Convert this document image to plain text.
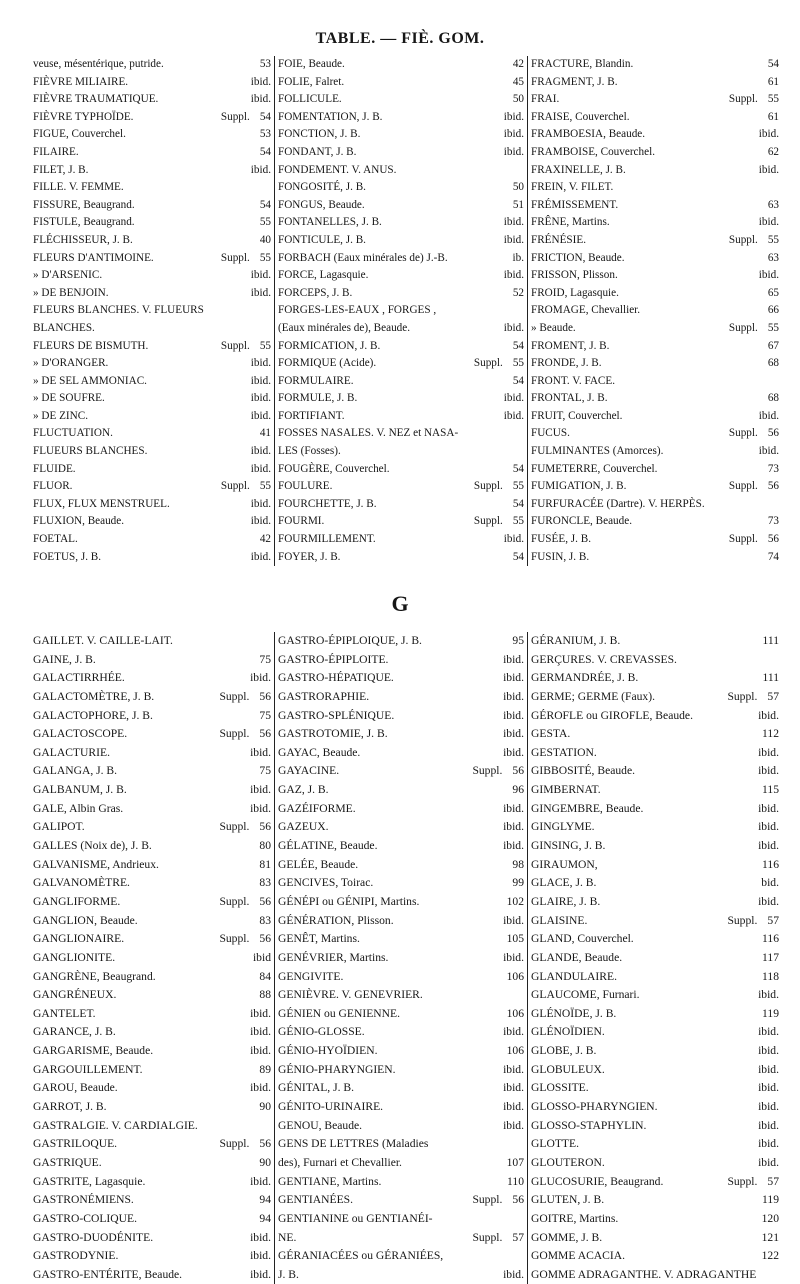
TABLE. — FIÈ. GOM.
veuse, mésentérique, putride.	53
FIÈVRE MILIAIRE.	ibid.
FIÈVRE TRAUMATIQUE.	ibid.
FIÈVRE TYPHOÏDE.	Suppl. 54
FIGUE, Couverchel.	53
FILAIRE.	54
FILET, J. B.	ibid.
FILLE. V. FEMME.
FISSURE, Beaugrand.	54
FISTULE, Beaugrand.	55
FLÉCHISSEUR, J. B.	40
FLEURS D'ANTIMOINE.	Suppl. 55
» D'ARSENIC.	ibid.
» DE BENJOIN.	ibid.
FLEURS BLANCHES. V. FLUEURS
BLANCHES.
FLEURS DE BISMUTH.	Suppl. 55
» D'ORANGER.	ibid.
» DE SEL AMMONIAC.	ibid.
» DE SOUFRE.	ibid.
» DE ZINC.	ibid.
FLUCTUATION.	41
FLUEURS BLANCHES.	ibid.
FLUIDE.	ibid.
FLUOR.	Suppl. 55
FLUX, FLUX MENSTRUEL.	ibid.
FLUXION, Beaude.	ibid.
FOETAL.	42
FOETUS, J. B.	ibid.
FOIE, Beaude.	42
FOLIE, Falret.	45
FOLLICULE.	50
FOMENTATION, J. B.	ibid.
FONCTION, J. B.	ibid.
FONDANT, J. B.	ibid.
FONDEMENT. V. ANUS.
FONGOSITÉ, J. B.	50
FONGUS, Beaude.	51
FONTANELLES, J. B.	ibid.
FONTICULE, J. B.	ibid.
FORBACH (Eaux minérales de) J.-B.	ib.
FORCE, Lagasquie.	ibid.
FORCEPS, J. B.	52
FORGES-LES-EAUX , FORGES ,
(Eaux minérales de), Beaude.	ibid.
FORMICATION, J. B.	54
FORMIQUE (Acide).	Suppl. 55
FORMULAIRE.	54
FORMULE, J. B.	ibid.
FORTIFIANT.	ibid.
FOSSES NASALES. V. NEZ et NASA-
LES (Fosses).
FOUGÈRE, Couverchel.	54
FOULURE.	Suppl. 55
FOURCHETTE, J. B.	54
FOURMI.	Suppl. 55
FOURMILLEMENT.	ibid.
FOYER, J. B.	54
FRACTURE, Blandin.	54
FRAGMENT, J. B.	61
FRAI.	Suppl. 55
FRAISE, Couverchel.	61
FRAMBOESIA, Beaude.	ibid.
FRAMBOISE, Couverchel.	62
FRAXINELLE, J. B.	ibid.
FREIN, V. FILET.
FRÉMISSEMENT.	63
FRÊNE, Martins.	ibid.
FRÉNÉSIE.	Suppl. 55
FRICTION, Beaude.	63
FRISSON, Plisson.	ibid.
FROID, Lagasquie.	65
FROMAGE, Chevallier.	66
» Beaude.	Suppl. 55
FROMENT, J. B.	67
FRONDE, J. B.	68
FRONT. V. FACE.
FRONTAL, J. B.	68
FRUIT, Couverchel.	ibid.
FUCUS.	Suppl. 56
FULMINANTES (Amorces).	ibid.
FUMETERRE, Couverchel.	73
FUMIGATION, J. B.	Suppl. 56
FURFURACÉE (Dartre). V. HERPÈS.
FURONCLE, Beaude.	73
FUSÉE, J. B.	Suppl. 56
FUSIN, J. B.	74
G
GAILLET. V. CAILLE-LAIT.
GAINE, J. B.	75
GALACTIRRHÉE.	ibid.
GALACTOMÈTRE, J. B.	Suppl. 56
GALACTOPHORE, J. B.	75
GALACTOSCOPE.	Suppl. 56
GALACTURIE.	ibid.
GALANGA, J. B.	75
GALBANUM, J. B.	ibid.
GALE, Albin Gras.	ibid.
GALIPOT.	Suppl. 56
GALLES (Noix de), J. B.	80
GALVANISME, Andrieux.	81
GALVANOMÈTRE.	83
GANGLIFORME.	Suppl. 56
GANGLION, Beaude.	83
GANGLIONAIRE.	Suppl. 56
GANGLIONITE.	ibid
GANGRÈNE, Beaugrand.	84
GANGRÉNEUX.	88
GANTELET.	ibid.
GARANCE, J. B.	ibid.
GARGARISME, Beaude.	ibid.
GARGOUILLEMENT.	89
GAROU, Beaude.	ibid.
GARROT, J. B.	90
GASTRALGIE. V. CARDIALGIE.
GASTRILOQUE.	Suppl. 56
GASTRIQUE.	90
GASTRITE, Lagasquie.	ibid.
GASTRONÉMIENS.	94
GASTRO-COLIQUE.	94
GASTRO-DUODÉNITE.	ibid.
GASTRODYNIE.	ibid.
GASTRO-ENTÉRITE, Beaude.	ibid.
GASTRO-ÉPIPLOIQUE, J. B.	95
GASTRO-ÉPIPLOITE.	ibid.
GASTRO-HÉPATIQUE.	ibid.
GASTRORAPHIE.	ibid.
GASTRO-SPLÉNIQUE.	ibid.
GASTROTOMIE, J. B.	ibid.
GAYAC, Beaude.	ibid.
GAYACINE.	Suppl. 56
GAZ, J. B.	96
GAZÉIFORME.	ibid.
GAZEUX.	ibid.
GÉLATINE, Beaude.	ibid.
GELÉE, Beaude.	98
GENCIVES, Toirac.	99
GÉNÉPI ou GÉNIPI, Martins.	102
GÉNÉRATION, Plisson.	ibid.
GENÊT, Martins.	105
GENÉVRIER, Martins.	ibid.
GENGIVITE.	106
GENIÈVRE. V. GENEVRIER.
GÉNIEN ou GENIENNE.	106
GÉNIO-GLOSSE.	ibid.
GÉNIO-HYOÏDIEN.	106
GÉNIO-PHARYNGIEN.	ibid.
GÉNITAL, J. B.	ibid.
GÉNITO-URINAIRE.	ibid.
GENOU, Beaude.	ibid.
GENS DE LETTRES (Maladies
des), Furnari et Chevallier.	107
GENTIANE, Martins.	110
GENTIANÉES.	Suppl. 56
GENTIANINE ou GENTIANÉI-
NE.	Suppl. 57
GÉRANIACÉES ou GÉRANIÉES,
J. B.	ibid.
GÉRANIUM, J. B.	111
GERÇURES. V. CREVASSES.
GERMANDRÉE, J. B.	111
GERME; GERME (Faux).	Suppl. 57
GÉROFLE ou GIROFLE, Beaude.	ibid.
GESTA.	112
GESTATION.	ibid.
GIBBOSITÉ, Beaude.	ibid.
GIMBERNAT.	115
GINGEMBRE, Beaude.	ibid.
GINGLYME.	ibid.
GINSING, J. B.	ibid.
GIRAUMON,	116
GLACE, J. B.	bid.
GLAIRE, J. B.	ibid.
GLAISINE.	Suppl. 57
GLAND, Couverchel.	116
GLANDE, Beaude.	117
GLANDULAIRE.	118
GLAUCOME, Furnari.	ibid.
GLÉNOÏDE, J. B.	119
GLÉNOÏDIEN.	ibid.
GLOBE, J. B.	ibid.
GLOBULEUX.	ibid.
GLOSSITE.	ibid.
GLOSSO-PHARYNGIEN.	ibid.
GLOSSO-STAPHYLIN.	ibid.
GLOTTE.	ibid.
GLOUTERON.	ibid.
GLUCOSURIE, Beaugrand.	Suppl. 57
GLUTEN, J. B.	119
GOITRE, Martins.	120
GOMME, J. B.	121
GOMME ACACIA.	122
GOMME ADRAGANTHE. V. ADRAGANTHE
